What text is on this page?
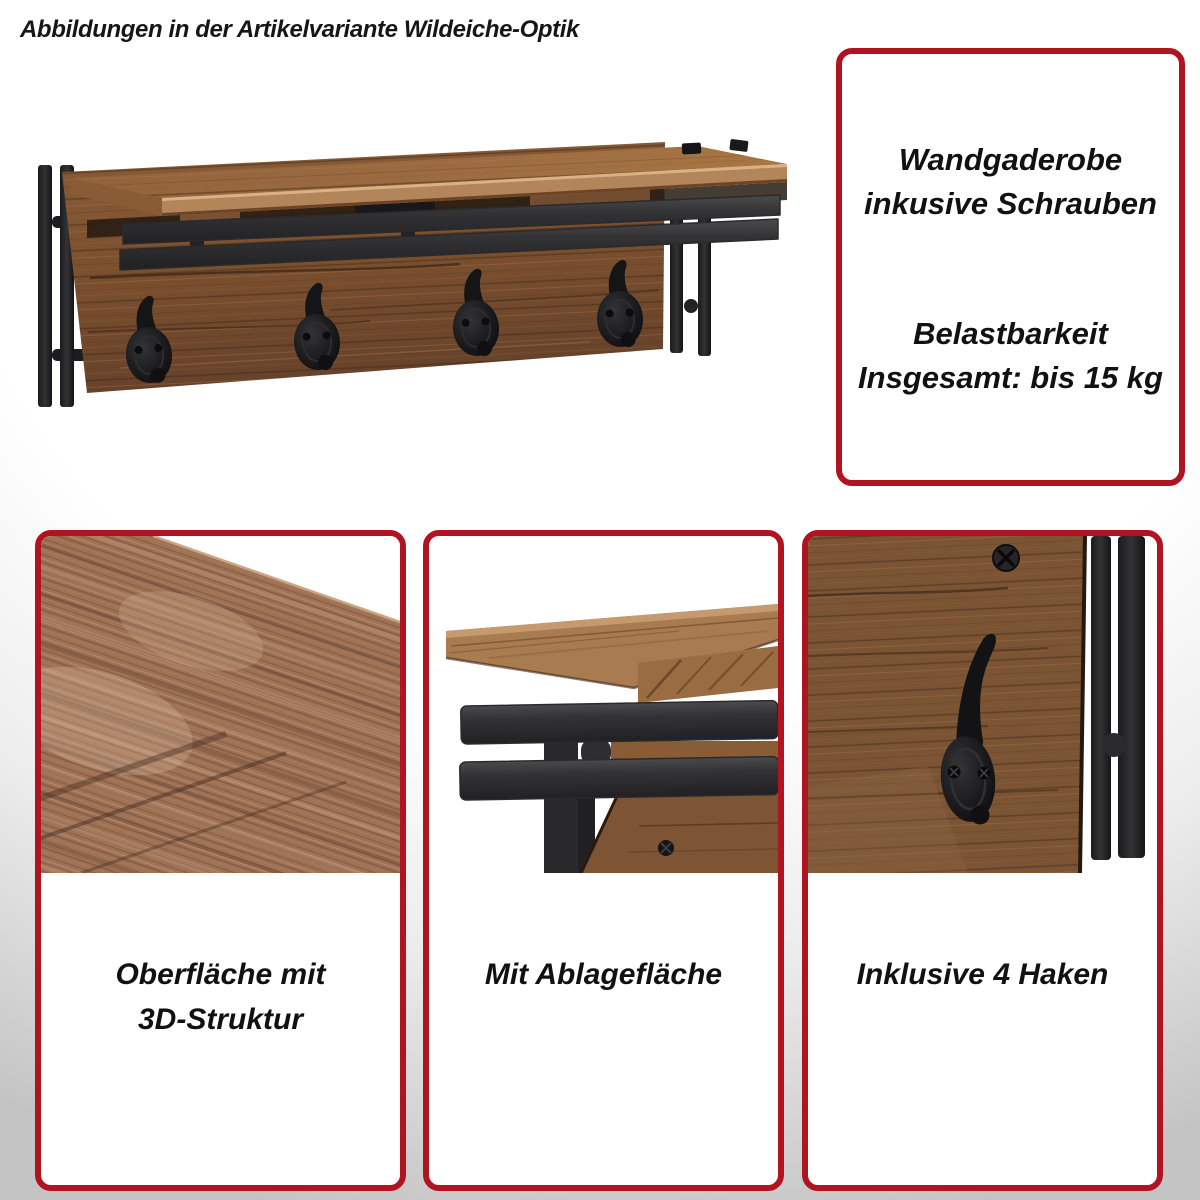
Abbildungen in der Artikelvariante Wildeiche-Optik
Wandgaderobe
inkusive Schrauben
Belastbarkeit
Insgesamt: bis 15 kg
Oberfläche mit
3D-Struktur
Mit Ablagefläche	Inklusive 4 Haken
